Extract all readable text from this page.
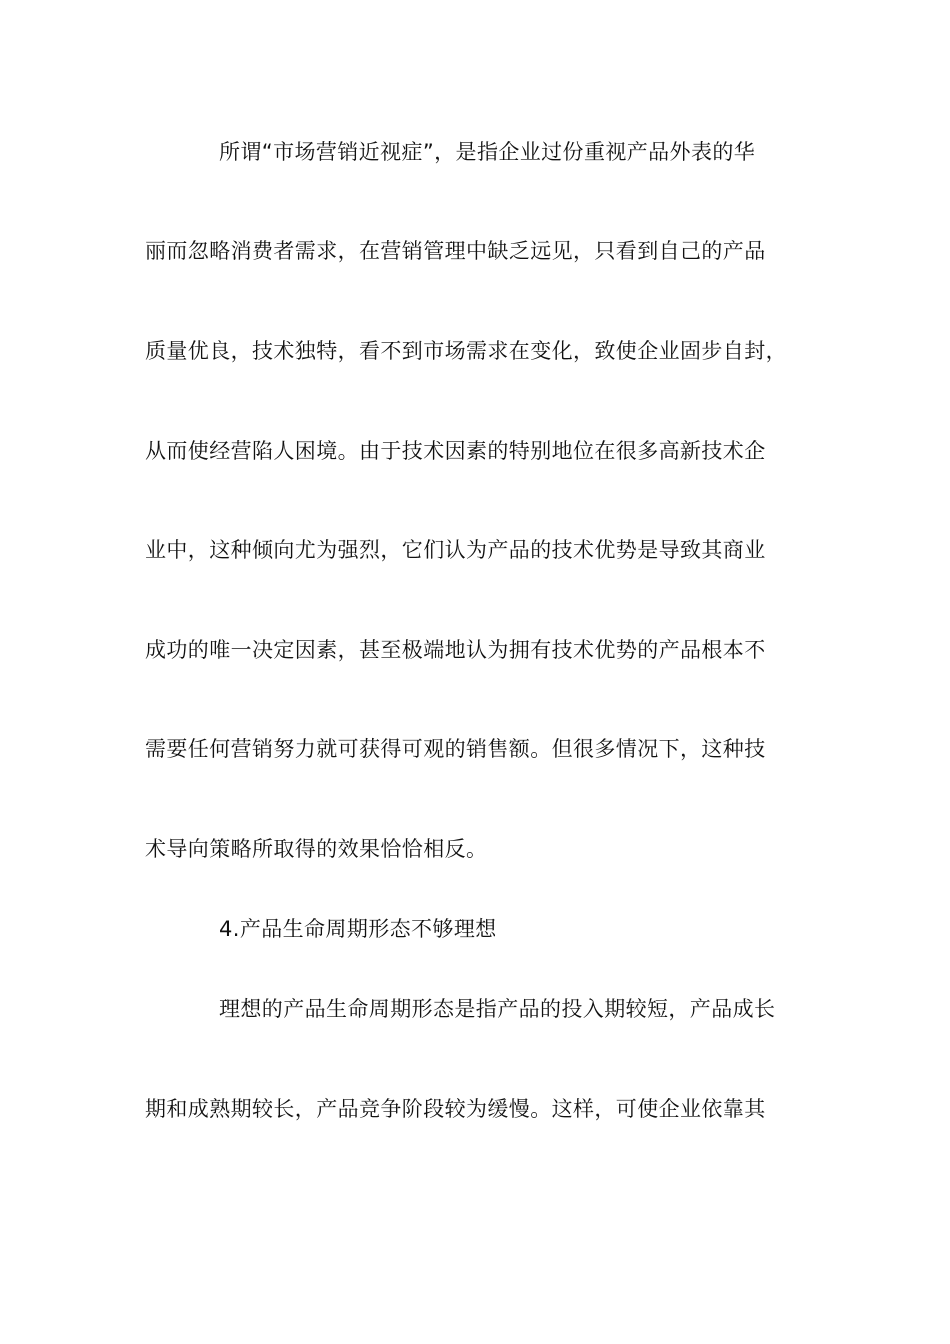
所谓“市场营销近视症”，是指企业过份重视产品外表的华
丽而忽略消费者需求，在营销管理中缺乏远见，只看到自己的产品
质量优良，技术独特，看不到市场需求在变化，致使企业固步自封，
从而使经营陷人困境。由于技术因素的特别地位在很多高新技术企
业中，这种倾向尤为强烈，它们认为产品的技术优势是导致其商业
成功的唯一决定因素，甚至极端地认为拥有技术优势的产品根本不
需要任何营销努力就可获得可观的销售额。但很多情况下，这种技
术导向策略所取得的效果恰恰相反。
4.产品生命周期形态不够理想
理想的产品生命周期形态是指产品的投入期较短，产品成长
期和成熟期较长，产品竞争阶段较为缓慢。这样，可使企业依靠其
